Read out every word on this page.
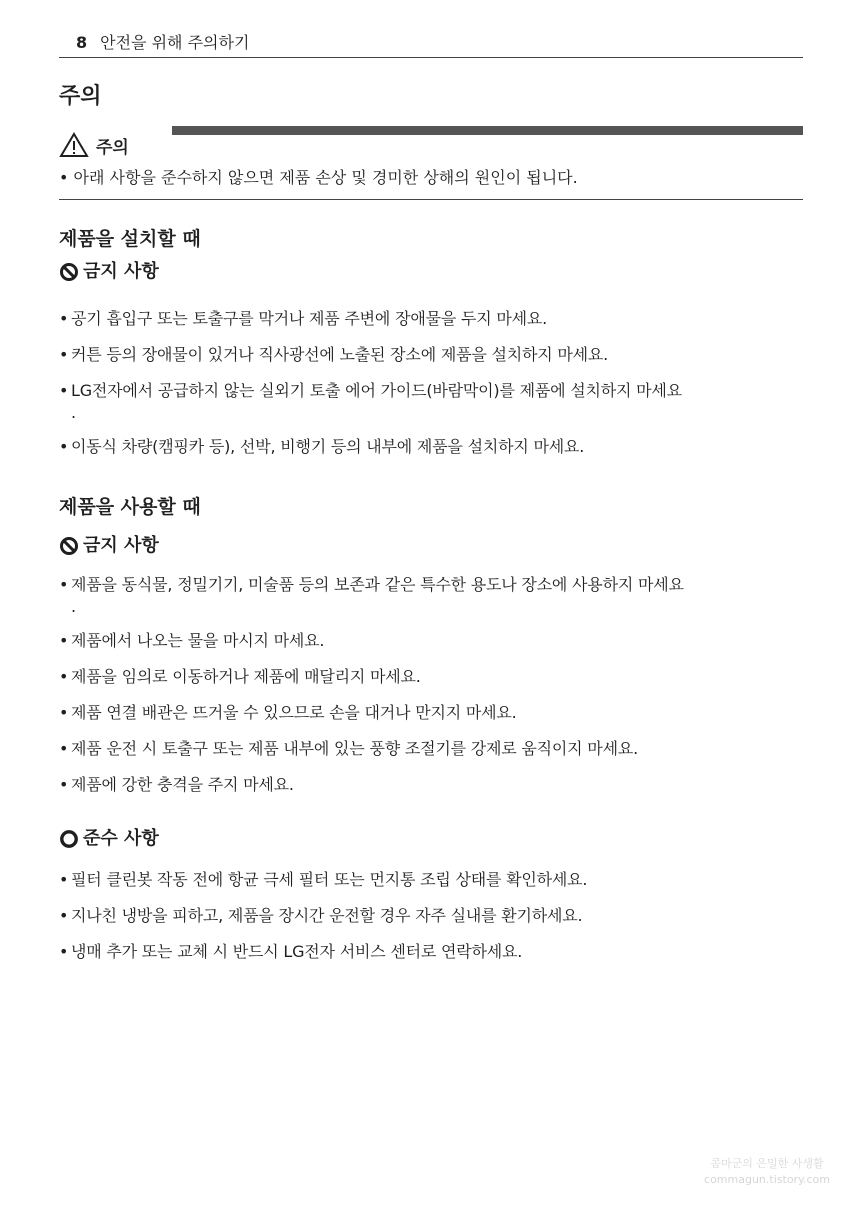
8 안전을 위해 주의하기
주의
주의
• 아래 사항을 준수하지 않으면 제품 손상 및 경미한 상해의 원인이 됩니다.
제품을 설치할 때
금지 사항
• 공기 흡입구 또는 토출구를 막거나 제품 주변에 장애물을 두지 마세요.
• 커튼 등의 장애물이 있거나 직사광선에 노출된 장소에 제품을 설치하지 마세요.
• LG전자에서 공급하지 않는 실외기 토출 에어 가이드(바람막이)를 제품에 설치하지 마세요
.
• 이동식 차량(캠핑카 등), 선박, 비행기 등의 내부에 제품을 설치하지 마세요.
제품을 사용할 때
금지 사항
• 제품을 동식물, 정밀기기, 미술품 등의 보존과 같은 특수한 용도나 장소에 사용하지 마세요
.
• 제품에서 나오는 물을 마시지 마세요.
• 제품을 임의로 이동하거나 제품에 매달리지 마세요.
• 제품 연결 배관은 뜨거울 수 있으므로 손을 대거나 만지지 마세요.
• 제품 운전 시 토출구 또는 제품 내부에 있는 풍향 조절기를 강제로 움직이지 마세요.
• 제품에 강한 충격을 주지 마세요.
준수 사항
• 필터 클린봇 작동 전에 항균 극세 필터 또는 먼지통 조립 상태를 확인하세요.
• 지나친 냉방을 피하고, 제품을 장시간 운전할 경우 자주 실내를 환기하세요.
• 냉매 추가 또는 교체 시 반드시 LG전자 서비스 센터로 연락하세요.
콤마군의 은밀한 사생활
commagun.tistory.com
